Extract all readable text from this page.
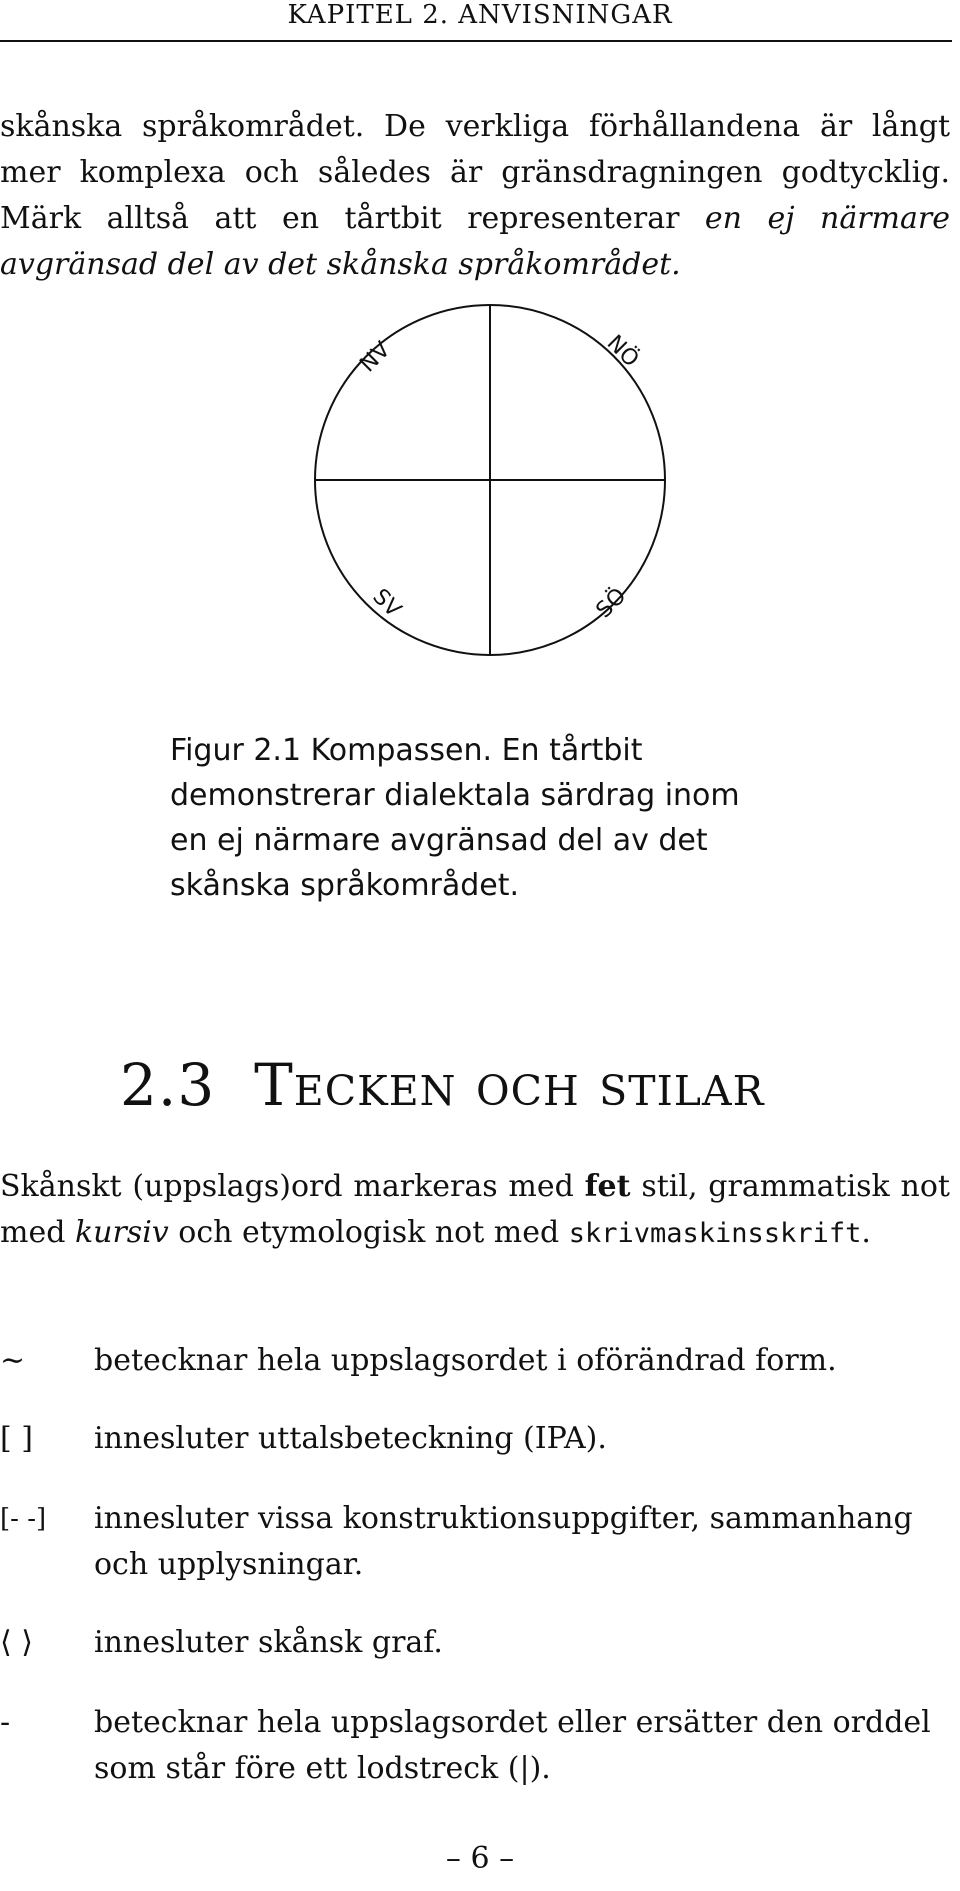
KAPITEL 2. ANVISNINGAR
skånska språkområdet. De verkliga förhållandena är långt mer komplexa och således är gränsdragningen godtycklig. Märk alltså att en tårtbit representerar en ej närmare avgränsad del av det skånska språkområdet.
NV	NÖ
SV	SÖ
Figur 2.1 Kompassen. En tårtbit demonstrerar dialektala särdrag inom en ej närmare avgränsad del av det skånska språkområdet.
2.3 Tecken och stilar
Skånskt (uppslags)ord markeras med fet stil, grammatisk not med kursiv och etymologisk not med skrivmaskinsskrift.
∼	betecknar hela uppslagsordet i oförändrad form.
[ ]	innesluter uttalsbeteckning (IPA).
[- -]	innesluter vissa konstruktionsuppgifter, sammanhang och upplysningar.
⟨ ⟩	innesluter skånsk graf.
-	betecknar hela uppslagsordet eller ersätter den orddel som står före ett lodstreck (|).
– 6 –
